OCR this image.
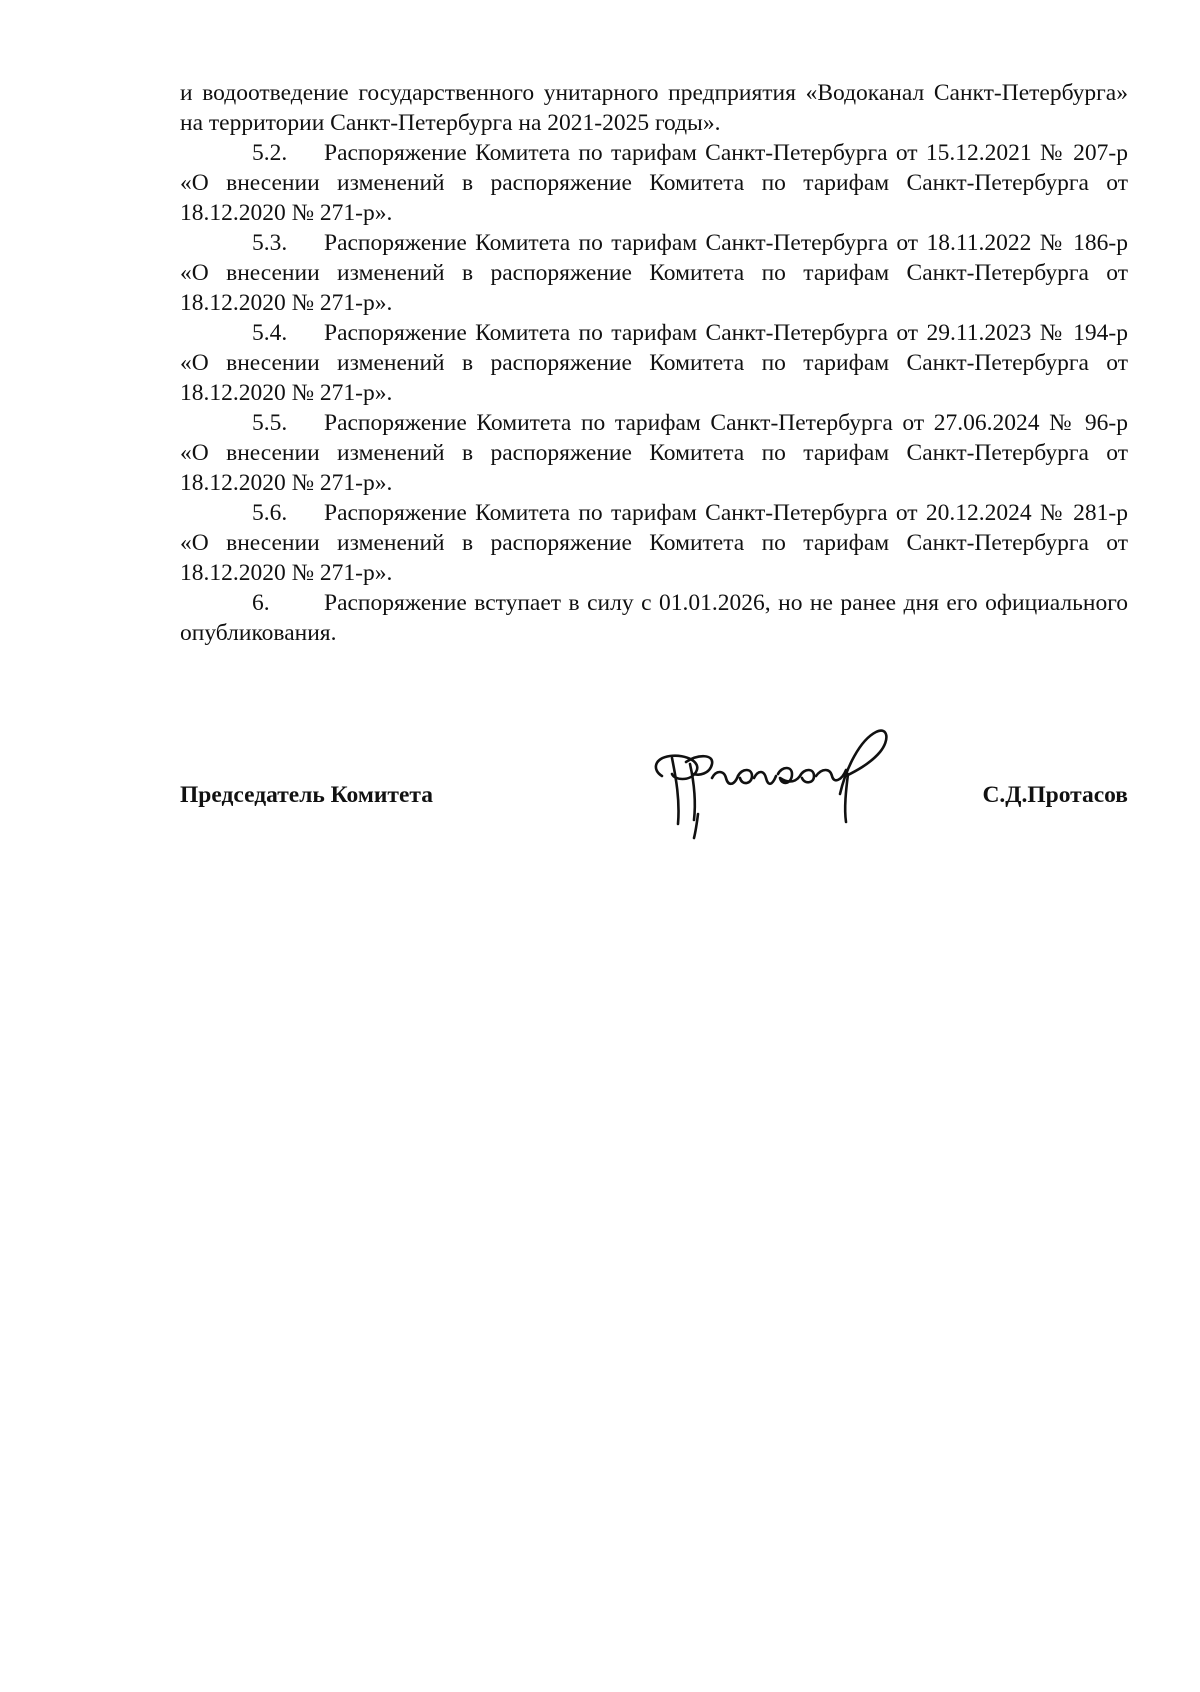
и водоотведение государственного унитарного предприятия «Водоканал Санкт-Петербурга» на территории Санкт-Петербурга на 2021-2025 годы».

5.2. Распоряжение Комитета по тарифам Санкт-Петербурга от 15.12.2021 № 207-р «О внесении изменений в распоряжение Комитета по тарифам Санкт-Петербурга от 18.12.2020 № 271-р».

5.3. Распоряжение Комитета по тарифам Санкт-Петербурга от 18.11.2022 № 186-р «О внесении изменений в распоряжение Комитета по тарифам Санкт-Петербурга от 18.12.2020 № 271-р».

5.4. Распоряжение Комитета по тарифам Санкт-Петербурга от 29.11.2023 № 194-р «О внесении изменений в распоряжение Комитета по тарифам Санкт-Петербурга от 18.12.2020 № 271-р».

5.5. Распоряжение Комитета по тарифам Санкт-Петербурга от 27.06.2024 № 96-р «О внесении изменений в распоряжение Комитета по тарифам Санкт-Петербурга от 18.12.2020 № 271-р».

5.6. Распоряжение Комитета по тарифам Санкт-Петербурга от 20.12.2024 № 281-р «О внесении изменений в распоряжение Комитета по тарифам Санкт-Петербурга от 18.12.2020 № 271-р».

6. Распоряжение вступает в силу с 01.01.2026, но не ранее дня его официального опубликования.

Председатель Комитета	С.Д.Протасов
